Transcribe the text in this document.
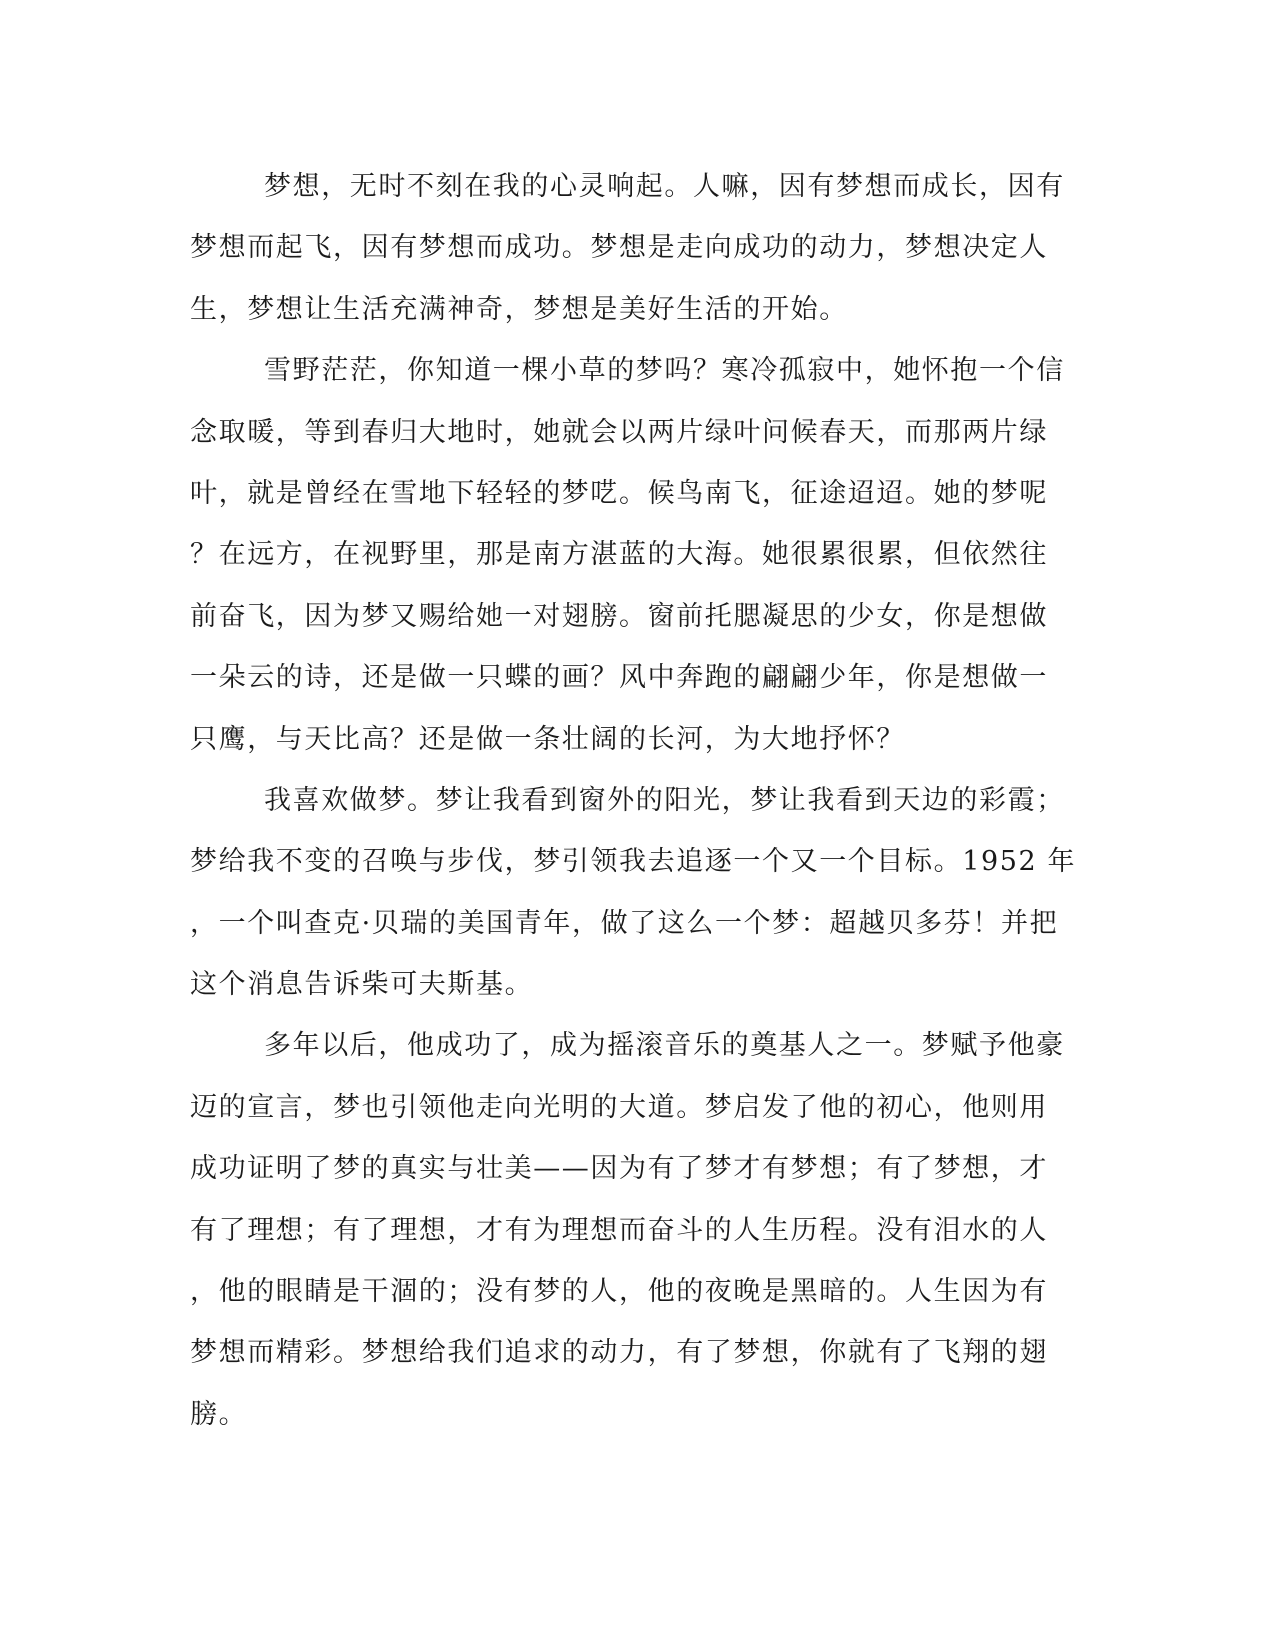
梦想，无时不刻在我的心灵响起。人嘛，因有梦想而成长，因有
梦想而起飞，因有梦想而成功。梦想是走向成功的动力，梦想决定人
生，梦想让生活充满神奇，梦想是美好生活的开始。
雪野茫茫，你知道一棵小草的梦吗？寒冷孤寂中，她怀抱一个信
念取暖，等到春归大地时，她就会以两片绿叶问候春天，而那两片绿
叶，就是曾经在雪地下轻轻的梦呓。候鸟南飞，征途迢迢。她的梦呢
？在远方，在视野里，那是南方湛蓝的大海。她很累很累，但依然往
前奋飞，因为梦又赐给她一对翅膀。窗前托腮凝思的少女，你是想做
一朵云的诗，还是做一只蝶的画？风中奔跑的翩翩少年，你是想做一
只鹰，与天比高？还是做一条壮阔的长河，为大地抒怀？
我喜欢做梦。梦让我看到窗外的阳光，梦让我看到天边的彩霞；
梦给我不变的召唤与步伐，梦引领我去追逐一个又一个目标。1952 年
，一个叫查克·贝瑞的美国青年，做了这么一个梦：超越贝多芬！并把
这个消息告诉柴可夫斯基。
多年以后，他成功了，成为摇滚音乐的奠基人之一。梦赋予他豪
迈的宣言，梦也引领他走向光明的大道。梦启发了他的初心，他则用
成功证明了梦的真实与壮美——因为有了梦才有梦想；有了梦想，才
有了理想；有了理想，才有为理想而奋斗的人生历程。没有泪水的人
，他的眼睛是干涸的；没有梦的人，他的夜晚是黑暗的。人生因为有
梦想而精彩。梦想给我们追求的动力，有了梦想，你就有了飞翔的翅
膀。
